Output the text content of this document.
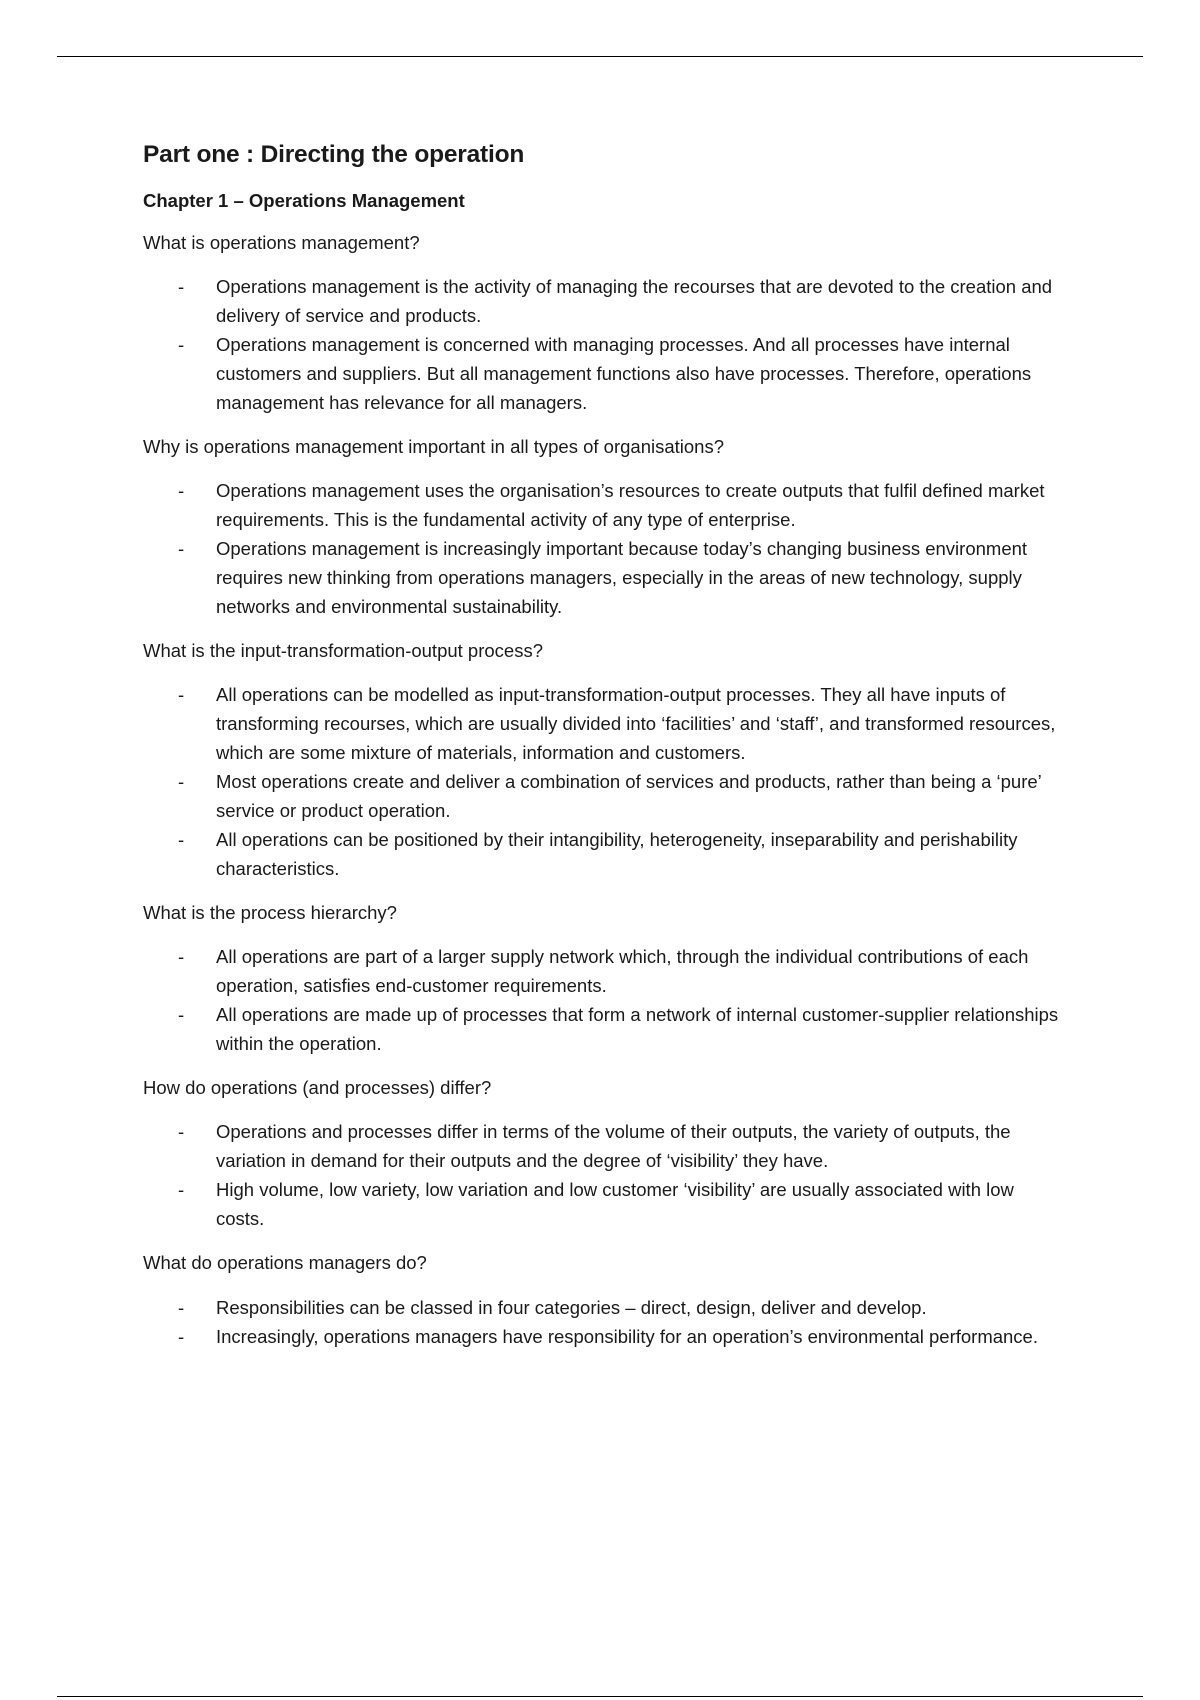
Part one : Directing the operation
Chapter 1 – Operations Management

What is operations management?

- Operations management is the activity of managing the recourses that are devoted to the creation and delivery of service and products.
- Operations management is concerned with managing processes. And all processes have internal customers and suppliers. But all management functions also have processes. Therefore, operations management has relevance for all managers.

Why is operations management important in all types of organisations?

- Operations management uses the organisation’s resources to create outputs that fulfil defined market requirements. This is the fundamental activity of any type of enterprise.
- Operations management is increasingly important because today’s changing business environment requires new thinking from operations managers, especially in the areas of new technology, supply networks and environmental sustainability.

What is the input-transformation-output process?

- All operations can be modelled as input-transformation-output processes. They all have inputs of transforming recourses, which are usually divided into ‘facilities’ and ‘staff’, and transformed resources, which are some mixture of materials, information and customers.
- Most operations create and deliver a combination of services and products, rather than being a ‘pure’ service or product operation.
- All operations can be positioned by their intangibility, heterogeneity, inseparability and perishability characteristics.

What is the process hierarchy?

- All operations are part of a larger supply network which, through the individual contributions of each operation, satisfies end-customer requirements.
- All operations are made up of processes that form a network of internal customer-supplier relationships within the operation.

How do operations (and processes) differ?

- Operations and processes differ in terms of the volume of their outputs, the variety of outputs, the variation in demand for their outputs and the degree of ‘visibility’ they have.
- High volume, low variety, low variation and low customer ‘visibility’ are usually associated with low costs.

What do operations managers do?

- Responsibilities can be classed in four categories – direct, design, deliver and develop.
- Increasingly, operations managers have responsibility for an operation’s environmental performance.
